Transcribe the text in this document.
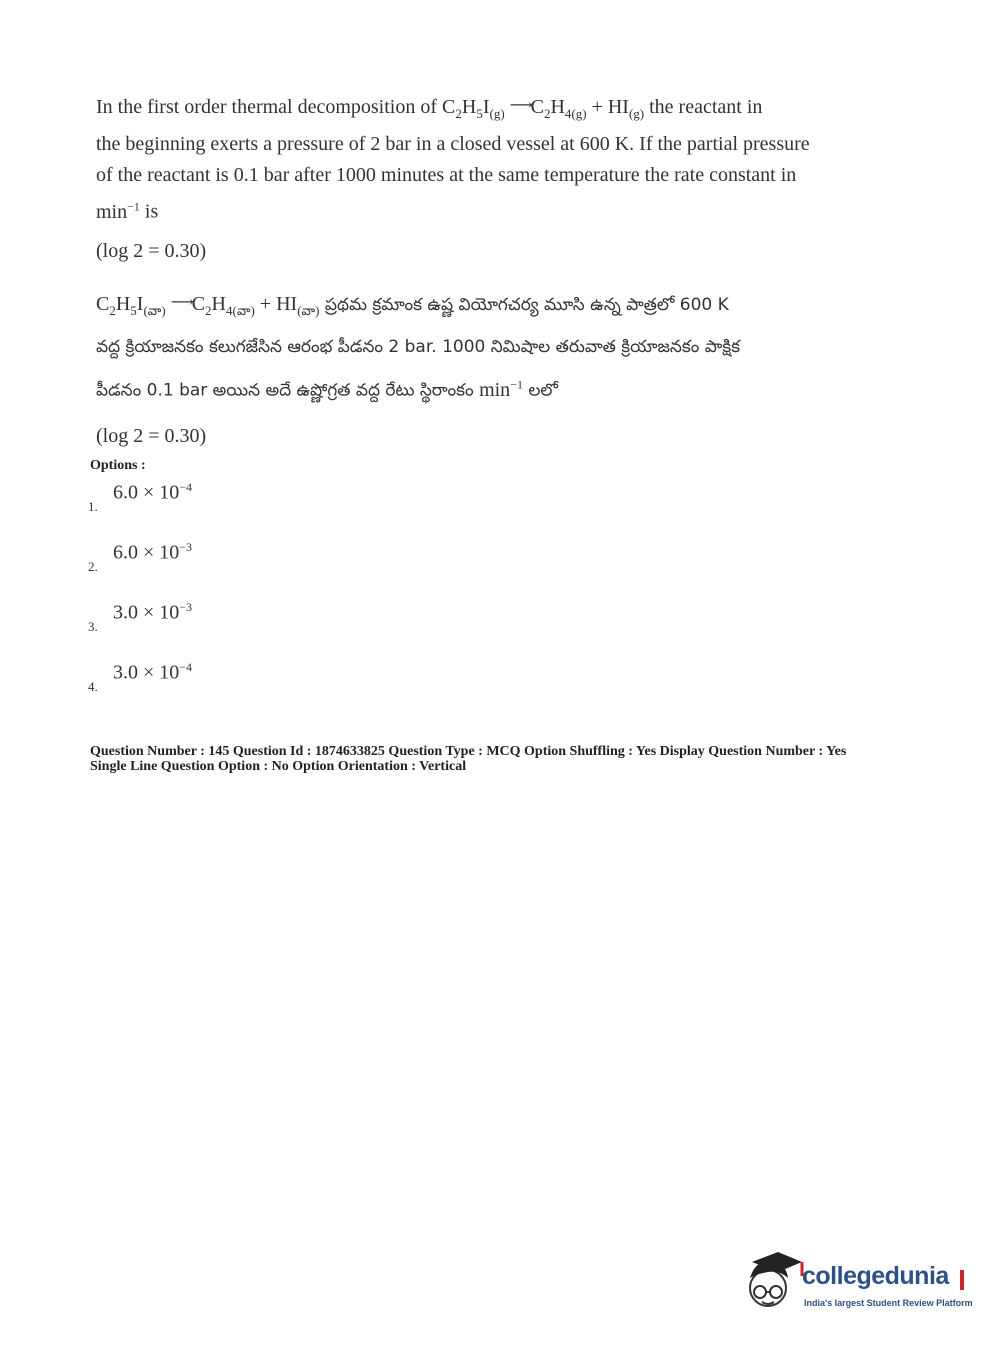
In the first order thermal decomposition of $C_2H_5I_{(g)}$ $⟶C_2H_{4(g)} + HI_{(g)}$ the reactant in
the beginning exerts a pressure of 2 bar in a closed vessel at 600 K. If the partial pressure
of the reactant is 0.1 bar after 1000 minutes at the same temperature the rate constant in
$\min^{-1}$ is
(log 2 = 0.30)
$C_2H_5I_{(వా)}$ $⟶C_2H_{4(వా)} + HI_{(వా)}$ ప్రథమ క్రమాంక ఉష్ణ వియోగచర్య మూసి ఉన్న పాత్రలో 600 K
వద్ద క్రియాజనకం కలుగజేసిన ఆరంభ పీడనం 2 bar. 1000 నిమిషాల తరువాత క్రియాజనకం పాక్షిక
పీడనం 0.1 bar అయిన అదే ఉష్ణోగ్రత వద్ద రేటు స్థిరాంకం $\min^{-1}$ లలో
(log 2 = 0.30)
Options :
1. $6.0 \times 10^{-4}$
2. $6.0 \times 10^{-3}$
3. $3.0 \times 10^{-3}$
4. $3.0 \times 10^{-4}$
Question Number : 145 Question Id : 1874633825 Question Type : MCQ Option Shuffling : Yes Display Question Number : Yes
Single Line Question Option : No Option Orientation : Vertical
collegedunia
India's largest Student Review Platform
